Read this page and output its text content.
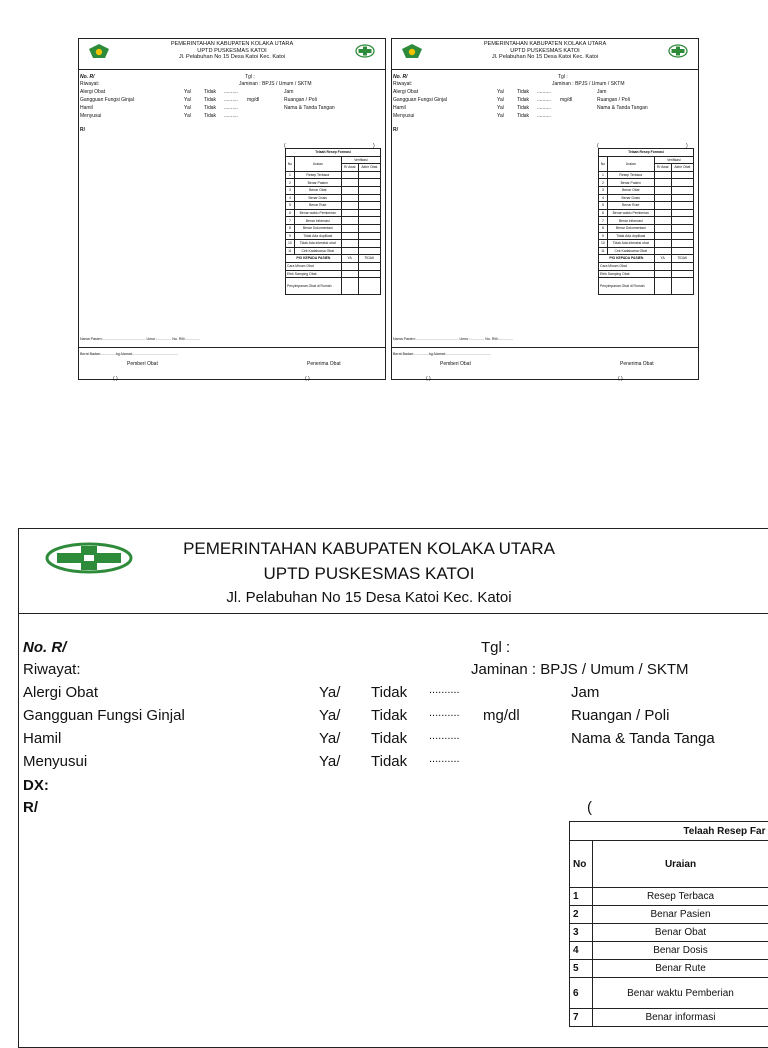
PEMERINTAHAN KABUPATEN KOLAKA UTARA
UPTD PUSKESMAS KATOI
Jl. Pelabuhan No 15 Desa Katoi Kec. Katoi
No. R/	Tgl :
Riwayat:	Jaminan : BPJS / Umum / SKTM
Alergi Obat	Ya/	Tidak ..........	Jam
Gangguan Fungsi Ginjal	Ya/	Tidak .......... mg/dl	Ruangan / Poli
Hamil	Ya/	Tidak ..........	Nama & Tanda Tangan
Menyusui	Ya/	Tidak ..........
R/
(	)
Telaah Resep Formasi			
No	Uraian	Verifikasi	
		R/ Awal	Akhir Obat
1	Resep Terbaca		
2	Benar Pasien		
3	Benar Obat		
4	Benar Dosis		
5	Benar Rute		
6	Benar waktu Pemberian		
7	Benar informasi		
8	Benar Dokumentasi		
9	Tidak Ada duplikasi		
10	Tidak Ada interaksi obat		
11	Cek Kadaluarsa Obat		
PIO KEPADA PASIEN		YA	TIDAK
Cara Minum Obat			
Efek Samping Obat			
Penyimpanan Obat di Rumah			
Nama Pasien:........................................... Umur :.............. No. RM:...............
Berat Badan:...............kg Alamat:.............................................
Pemberi Obat	Penerima Obat
( )	( )
PEMERINTAHAN KABUPATEN KOLAKA UTARA
UPTD PUSKESMAS KATOI
Jl. Pelabuhan No 15 Desa Katoi Kec. Katoi
No. R/	Tgl :
Riwayat:	Jaminan : BPJS / Umum / SKTM
Alergi Obat	Ya/	Tidak ..........	Jam
Gangguan Fungsi Ginjal	Ya/	Tidak .......... mg/dl	Ruangan / Poli
Hamil	Ya/	Tidak ..........	Nama & Tanda Tangan
Menyusui	Ya/	Tidak ..........
R/
(	)
Telaah Resep Formasi			
No	Uraian	Verifikasi	
		R/ Awal	Akhir Obat
1	Resep Terbaca		
2	Benar Pasien		
3	Benar Obat		
4	Benar Dosis		
5	Benar Rute		
6	Benar waktu Pemberian		
7	Benar informasi		
8	Benar Dokumentasi		
9	Tidak Ada duplikasi		
10	Tidak Ada interaksi obat		
11	Cek Kadaluarsa Obat		
PIO KEPADA PASIEN		YA	TIDAK
Cara Minum Obat			
Efek Samping Obat			
Penyimpanan Obat di Rumah			
Nama Pasien:........................................... Umur :.............. No. RM:...............
Berat Badan:...............kg Alamat:.............................................
Pemberi Obat	Penerima Obat
( )	( )
PEMERINTAHAN KABUPATEN KOLAKA UTARA
UPTD PUSKESMAS KATOI
Jl. Pelabuhan No 15 Desa Katoi Kec. Katoi
No. R/	Tgl :
Riwayat:	Jaminan : BPJS / Umum / SKTM
Alergi Obat	Ya/ Tidak ..........	Jam
Gangguan Fungsi Ginjal	Ya/ Tidak .......... mg/dl	Ruangan / Poli
Hamil	Ya/ Tidak ..........	Nama & Tanda Tanga
Menyusui	Ya/ Tidak ..........
DX:
R/	(
Telaah Resep Far	
No	Uraian
1	Resep Terbaca
2	Benar Pasien
3	Benar Obat
4	Benar Dosis
5	Benar Rute
6	Benar waktu Pemberian
7	Benar informasi
